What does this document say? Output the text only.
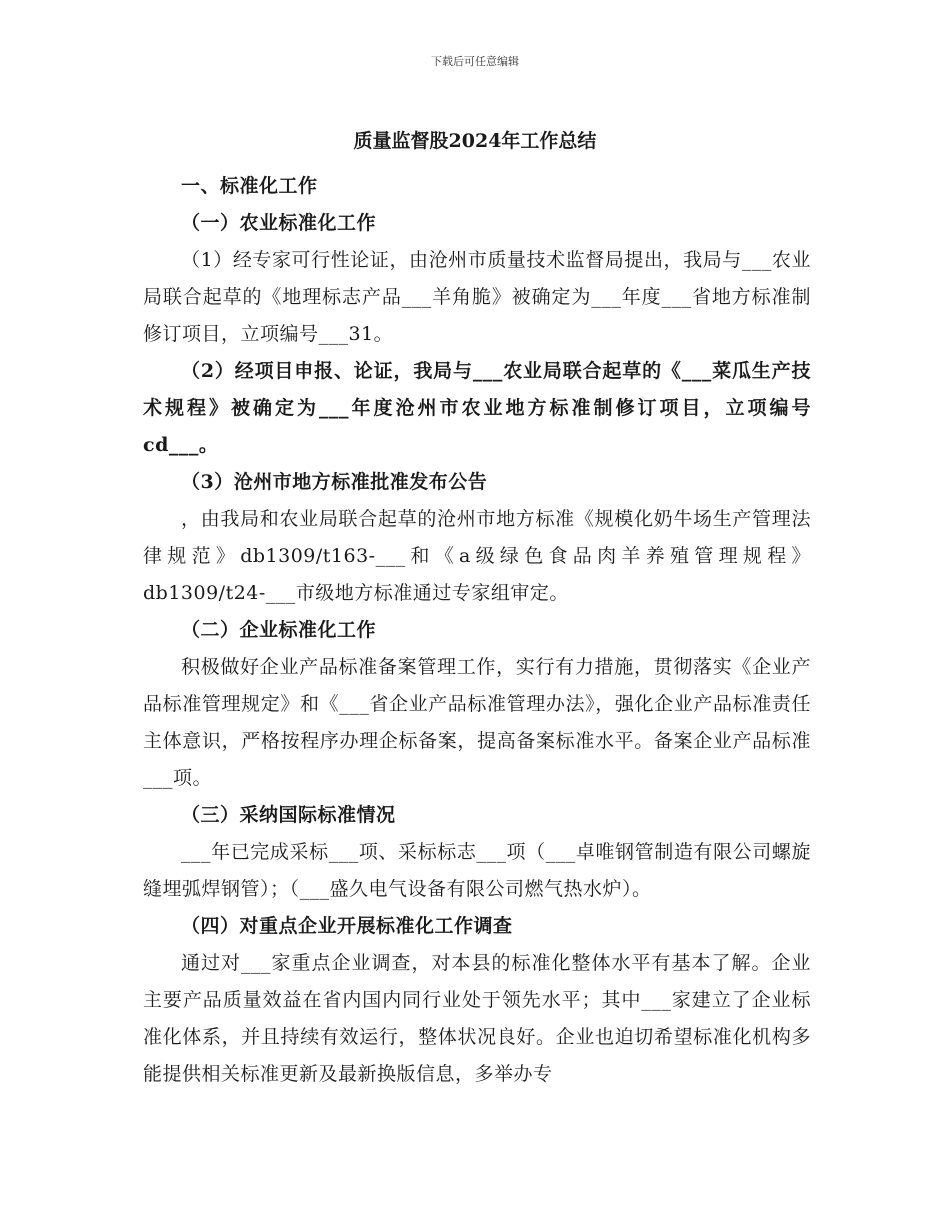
下载后可任意编辑
质量监督股2024年工作总结

一、标准化工作

（一）农业标准化工作

（1）经专家可行性论证，由沧州市质量技术监督局提出，我局与___农业局联合起草的《地理标志产品___羊角脆》被确定为___年度___省地方标准制修订项目，立项编号___31。

（2）经项目申报、论证，我局与___农业局联合起草的《___菜瓜生产技术规程》被确定为___年度沧州市农业地方标准制修订项目，立项编号cd___。

（3）沧州市地方标准批准发布公告

，由我局和农业局联合起草的沧州市地方标准《规模化奶牛场生产管理法律规范》db1309/t163-___和《a级绿色食品肉羊养殖管理规程》db1309/t24-___市级地方标准通过专家组审定。

（二）企业标准化工作

积极做好企业产品标准备案管理工作，实行有力措施，贯彻落实《企业产品标准管理规定》和《___省企业产品标准管理办法》，强化企业产品标准责任主体意识，严格按程序办理企标备案，提高备案标准水平。备案企业产品标准___项。

（三）采纳国际标准情况

___年已完成采标___项、采标标志___项（___卓唯钢管制造有限公司螺旋缝埋弧焊钢管）；（___盛久电气设备有限公司燃气热水炉）。

（四）对重点企业开展标准化工作调查

通过对___家重点企业调查，对本县的标准化整体水平有基本了解。企业主要产品质量效益在省内国内同行业处于领先水平；其中___家建立了企业标准化体系，并且持续有效运行，整体状况良好。企业也迫切希望标准化机构多能提供相关标准更新及最新换版信息，多举办专
